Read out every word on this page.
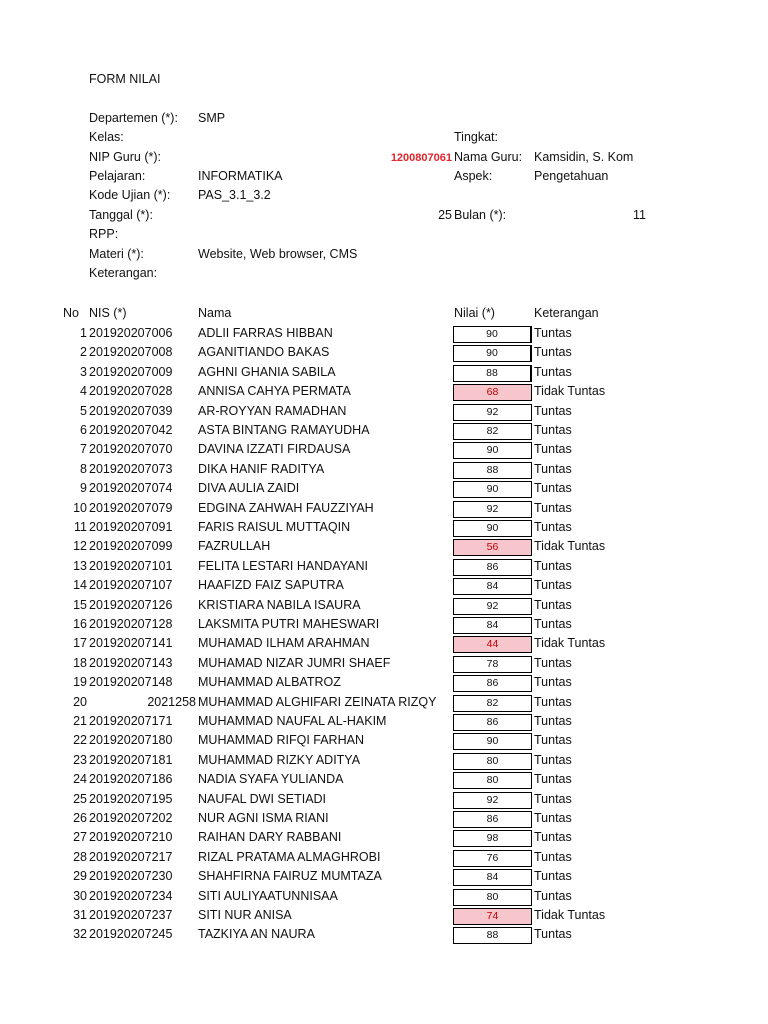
FORM NILAI
Departemen (*): SMP
Kelas:	Tingkat:
NIP Guru (*):	1200807061 Nama Guru: Kamsidin, S. Kom
Pelajaran:	INFORMATIKA	Aspek:	Pengetahuan
Kode Ujian (*): PAS_3.1_3.2
Tanggal (*):	25 Bulan (*):	11
RPP:
Materi (*):	Website, Web browser, CMS
Keterangan:
No NIS (*)	Nama	Nilai (*)	Keterangan
1 201920207006 ADLII FARRAS HIBBAN	90	Tuntas
2 201920207008 AGANITIANDO BAKAS	90	Tuntas
3 201920207009 AGHNI GHANIA SABILA	88	Tuntas
4 201920207028 ANNISA CAHYA PERMATA	68	Tidak Tuntas
5 201920207039 AR-ROYYAN RAMADHAN	92	Tuntas
6 201920207042 ASTA BINTANG RAMAYUDHA	82	Tuntas
7 201920207070 DAVINA IZZATI FIRDAUSA	90	Tuntas
8 201920207073 DIKA HANIF RADITYA	88	Tuntas
9 201920207074 DIVA AULIA ZAIDI	90	Tuntas
10 201920207079 EDGINA ZAHWAH FAUZZIYAH	92	Tuntas
11 201920207091 FARIS RAISUL MUTTAQIN	90	Tuntas
12 201920207099 FAZRULLAH	56	Tidak Tuntas
13 201920207101 FELITA LESTARI HANDAYANI	86	Tuntas
14 201920207107 HAAFIZD FAIZ SAPUTRA	84	Tuntas
15 201920207126 KRISTIARA NABILA ISAURA	92	Tuntas
16 201920207128 LAKSMITA PUTRI MAHESWARI	84	Tuntas
17 201920207141 MUHAMAD ILHAM ARAHMAN	44	Tidak Tuntas
18 201920207143 MUHAMAD NIZAR JUMRI SHAEF	78	Tuntas
19 201920207148 MUHAMMAD ALBATROZ	86	Tuntas
20	2021258 MUHAMMAD ALGHIFARI ZEINATA RIZQY	82	Tuntas
21 201920207171 MUHAMMAD NAUFAL AL-HAKIM	86	Tuntas
22 201920207180 MUHAMMAD RIFQI FARHAN	90	Tuntas
23 201920207181 MUHAMMAD RIZKY ADITYA	80	Tuntas
24 201920207186 NADIA SYAFA YULIANDA	80	Tuntas
25 201920207195 NAUFAL DWI SETIADI	92	Tuntas
26 201920207202 NUR AGNI ISMA RIANI	86	Tuntas
27 201920207210 RAIHAN DARY RABBANI	98	Tuntas
28 201920207217 RIZAL PRATAMA ALMAGHROBI	76	Tuntas
29 201920207230 SHAHFIRNA FAIRUZ MUMTAZA	84	Tuntas
30 201920207234 SITI AULIYAATUNNISAA	80	Tuntas
31 201920207237 SITI NUR ANISA	74	Tidak Tuntas
32 201920207245 TAZKIYA AN NAURA	88	Tuntas
